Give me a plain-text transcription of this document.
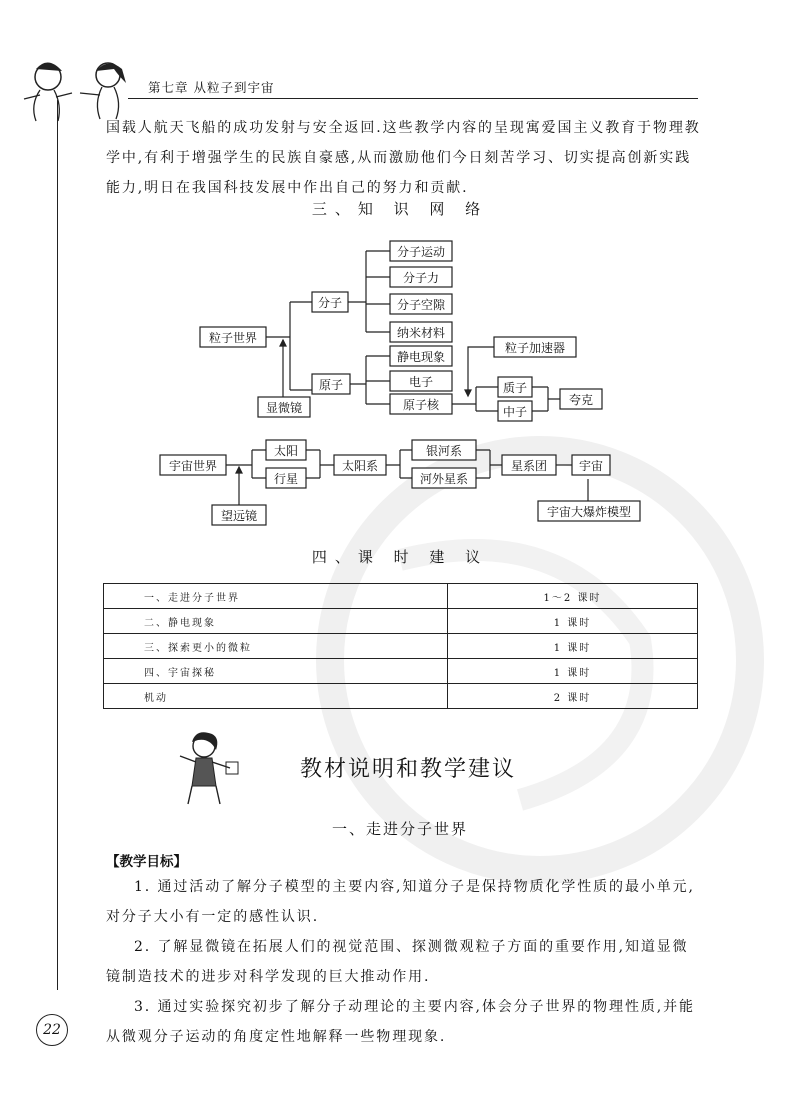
第七章 从粒子到宇宙
国载人航天飞船的成功发射与安全返回.这些教学内容的呈现寓爱国主义教育于物理教学中,有利于增强学生的民族自豪感,从而激励他们今日刻苦学习、切实提高创新实践能力,明日在我国科技发展中作出自己的努力和贡献.
三、知 识 网 络
粒子世界
分子
分子运动
分子力
分子空隙
纳米材料
原子
静电现象
电子
原子核
粒子加速器
质子
中子
夸克
显微镜
宇宙世界
太阳
行星
太阳系
银河系
河外星系
星系团	宇宙
望远镜	宇宙大爆炸模型
四、课 时 建 议
一、走进分子世界	1～2 课时
二、静电现象	1 课时
三、探索更小的微粒	1 课时
四、宇宙探秘	1 课时
机动	2 课时
教材说明和教学建议
一、走进分子世界
【教学目标】
1. 通过活动了解分子模型的主要内容,知道分子是保持物质化学性质的最小单元,对分子大小有一定的感性认识.
2. 了解显微镜在拓展人们的视觉范围、探测微观粒子方面的重要作用,知道显微镜制造技术的进步对科学发现的巨大推动作用.
3. 通过实验探究初步了解分子动理论的主要内容,体会分子世界的物理性质,并能从微观分子运动的角度定性地解释一些物理现象.
22
